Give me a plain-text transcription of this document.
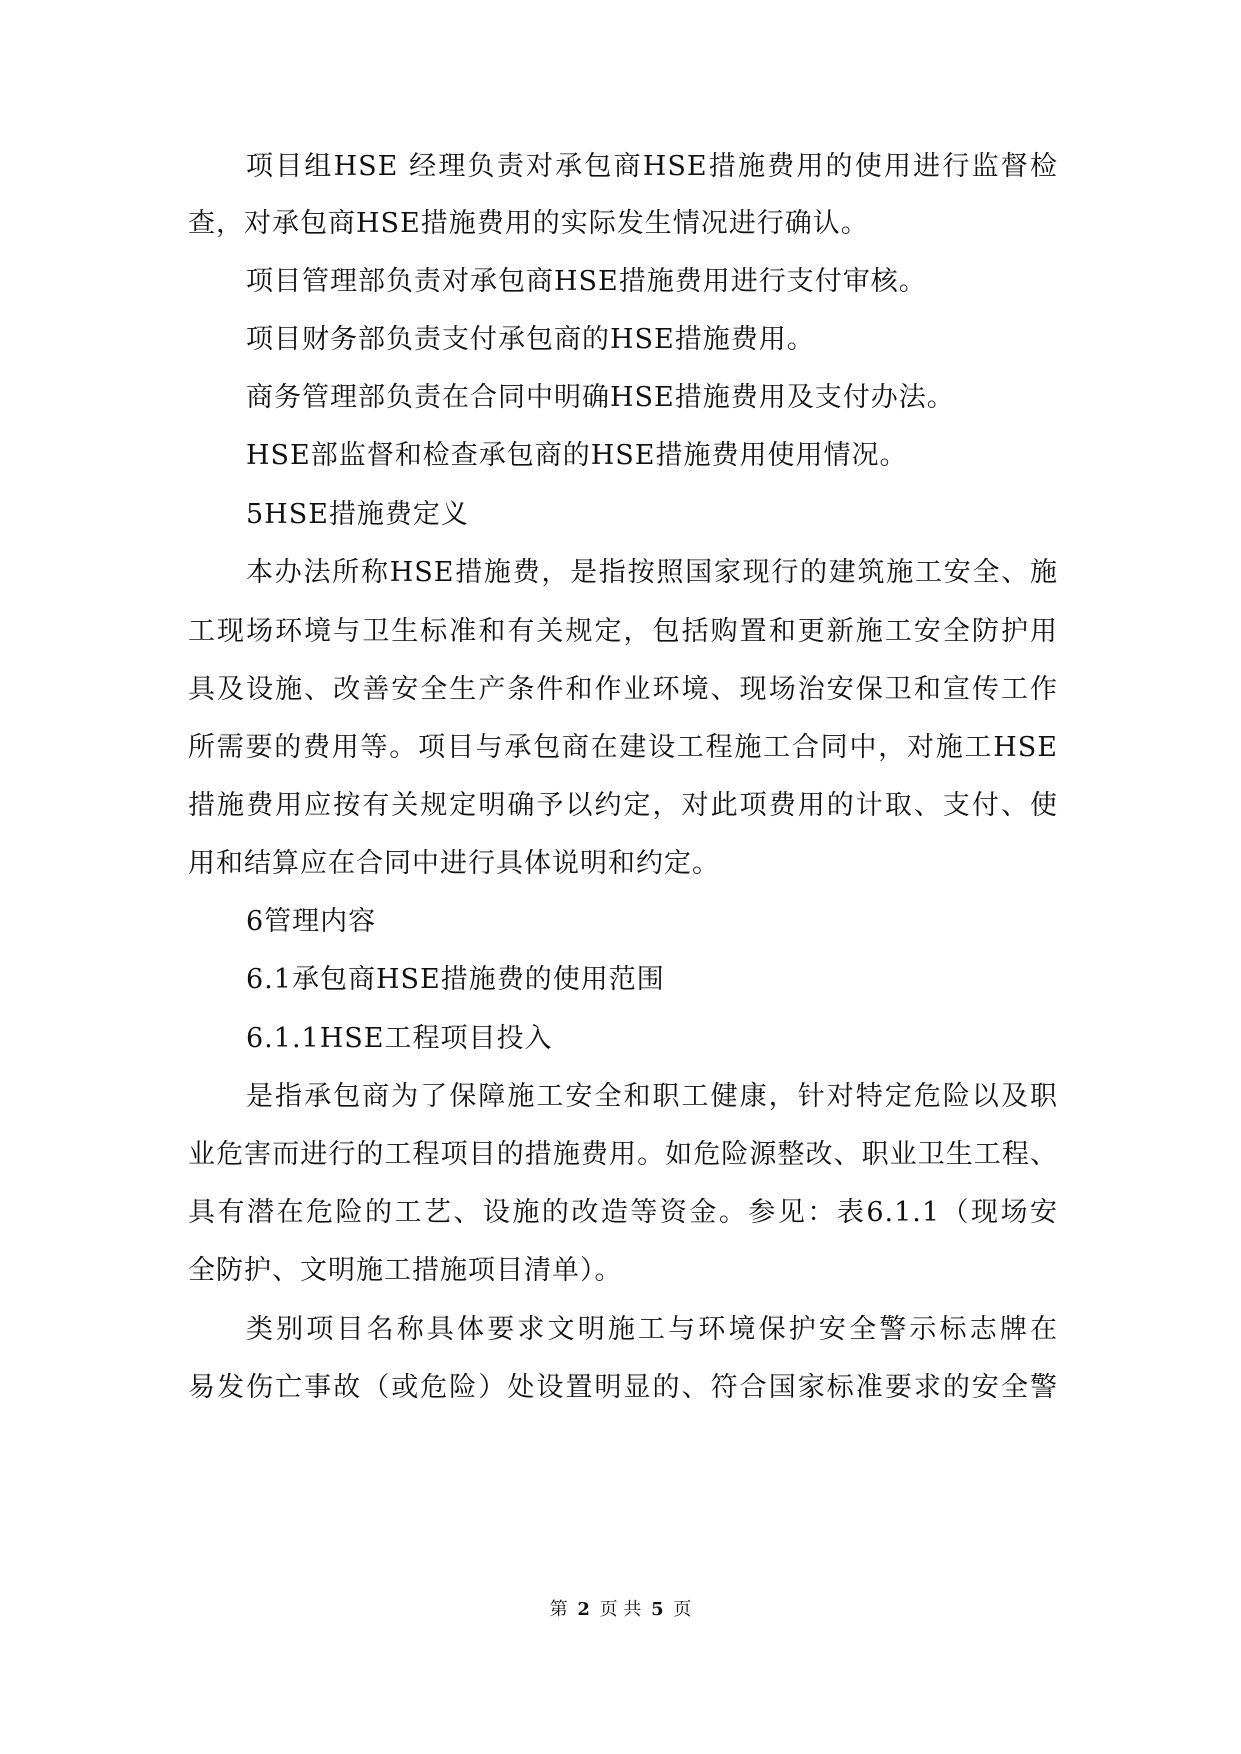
项目组HSE 经理负责对承包商HSE措施费用的使用进行监督检
查，对承包商HSE措施费用的实际发生情况进行确认。
项目管理部负责对承包商HSE措施费用进行支付审核。
项目财务部负责支付承包商的HSE措施费用。
商务管理部负责在合同中明确HSE措施费用及支付办法。
HSE部监督和检查承包商的HSE措施费用使用情况。
5HSE措施费定义
本办法所称HSE措施费，是指按照国家现行的建筑施工安全、施
工现场环境与卫生标准和有关规定，包括购置和更新施工安全防护用
具及设施、改善安全生产条件和作业环境、现场治安保卫和宣传工作
所需要的费用等。项目与承包商在建设工程施工合同中，对施工HSE
措施费用应按有关规定明确予以约定，对此项费用的计取、支付、使
用和结算应在合同中进行具体说明和约定。
6管理内容
6.1承包商HSE措施费的使用范围
6.1.1HSE工程项目投入
是指承包商为了保障施工安全和职工健康，针对特定危险以及职
业危害而进行的工程项目的措施费用。如危险源整改、职业卫生工程、
具有潜在危险的工艺、设施的改造等资金。参见：表6.1.1（现场安
全防护、文明施工措施项目清单）。
类别项目名称具体要求文明施工与环境保护安全警示标志牌在
易发伤亡事故（或危险）处设置明显的、符合国家标准要求的安全警
第 2 页 共 5 页
